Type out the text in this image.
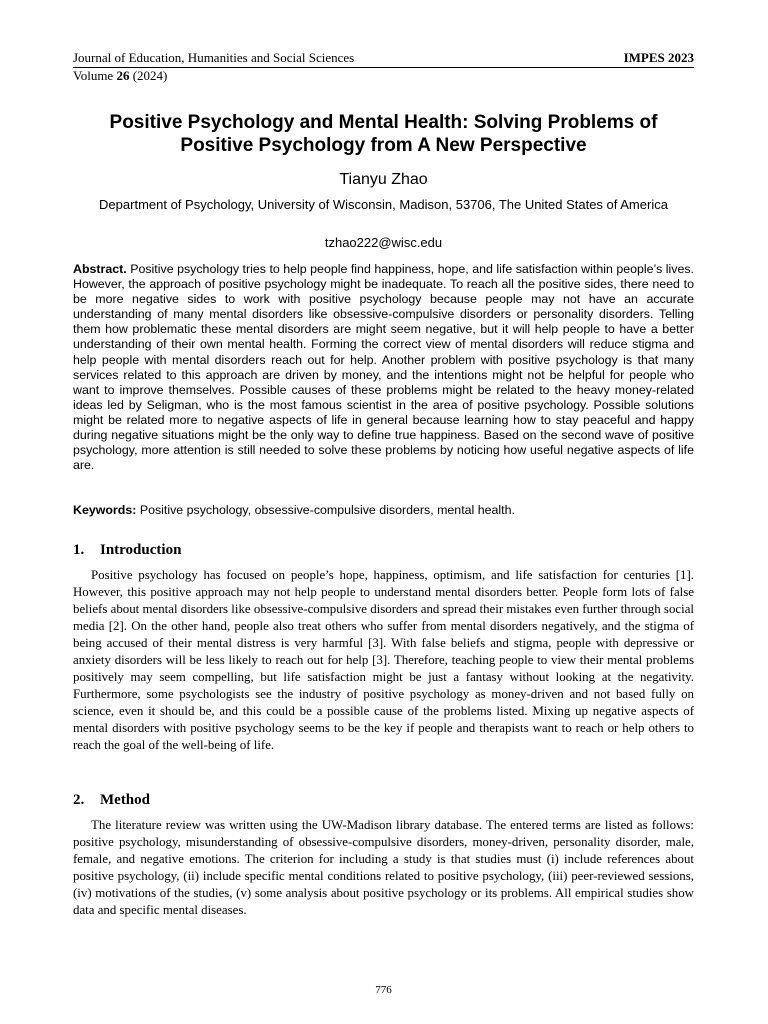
Journal of Education, Humanities and Social Sciences	IMPES 2023
Volume 26 (2024)
Positive Psychology and Mental Health: Solving Problems of Positive Psychology from A New Perspective
Tianyu Zhao
Department of Psychology, University of Wisconsin, Madison, 53706, The United States of America
tzhao222@wisc.edu

Abstract. Positive psychology tries to help people find happiness, hope, and life satisfaction within people’s lives. However, the approach of positive psychology might be inadequate. To reach all the positive sides, there need to be more negative sides to work with positive psychology because people may not have an accurate understanding of many mental disorders like obsessive-compulsive disorders or personality disorders. Telling them how problematic these mental disorders are might seem negative, but it will help people to have a better understanding of their own mental health. Forming the correct view of mental disorders will reduce stigma and help people with mental disorders reach out for help. Another problem with positive psychology is that many services related to this approach are driven by money, and the intentions might not be helpful for people who want to improve themselves. Possible causes of these problems might be related to the heavy money-related ideas led by Seligman, who is the most famous scientist in the area of positive psychology. Possible solutions might be related more to negative aspects of life in general because learning how to stay peaceful and happy during negative situations might be the only way to define true happiness. Based on the second wave of positive psychology, more attention is still needed to solve these problems by noticing how useful negative aspects of life are.

Keywords: Positive psychology, obsessive-compulsive disorders, mental health.

1. Introduction

Positive psychology has focused on people’s hope, happiness, optimism, and life satisfaction for centuries [1]. However, this positive approach may not help people to understand mental disorders better. People form lots of false beliefs about mental disorders like obsessive-compulsive disorders and spread their mistakes even further through social media [2]. On the other hand, people also treat others who suffer from mental disorders negatively, and the stigma of being accused of their mental distress is very harmful [3]. With false beliefs and stigma, people with depressive or anxiety disorders will be less likely to reach out for help [3]. Therefore, teaching people to view their mental problems positively may seem compelling, but life satisfaction might be just a fantasy without looking at the negativity. Furthermore, some psychologists see the industry of positive psychology as money-driven and not based fully on science, even it should be, and this could be a possible cause of the problems listed. Mixing up negative aspects of mental disorders with positive psychology seems to be the key if people and therapists want to reach or help others to reach the goal of the well-being of life.

2. Method

The literature review was written using the UW-Madison library database. The entered terms are listed as follows: positive psychology, misunderstanding of obsessive-compulsive disorders, money-driven, personality disorder, male, female, and negative emotions. The criterion for including a study is that studies must (i) include references about positive psychology, (ii) include specific mental conditions related to positive psychology, (iii) peer-reviewed sessions, (iv) motivations of the studies, (v) some analysis about positive psychology or its problems. All empirical studies show data and specific mental diseases.

776
